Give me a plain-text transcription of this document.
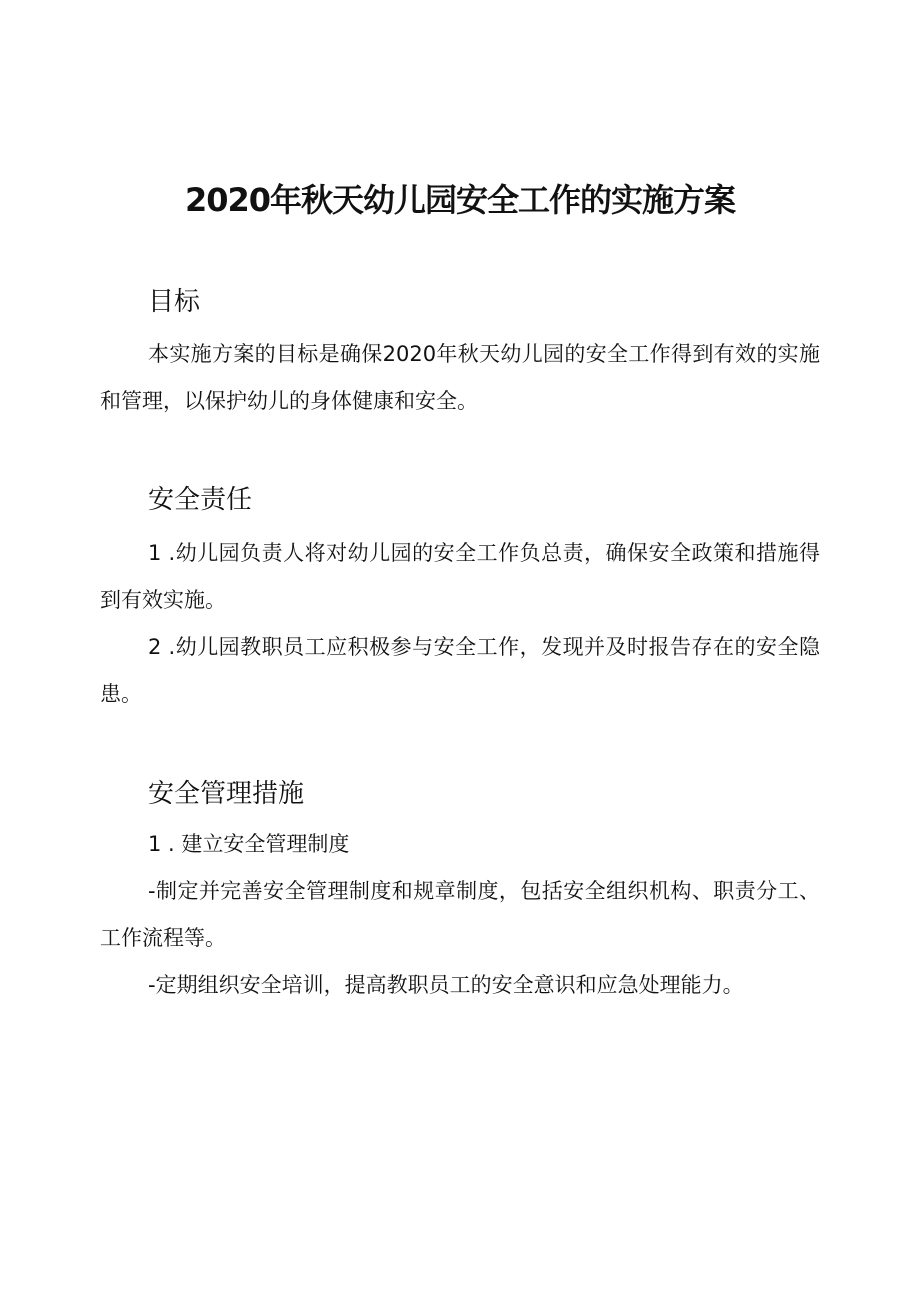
2020年秋天幼儿园安全工作的实施方案
目标

本实施方案的目标是确保2020年秋天幼儿园的安全工作得到有效的实施和管理，以保护幼儿的身体健康和安全。

安全责任

1 .幼儿园负责人将对幼儿园的安全工作负总责，确保安全政策和措施得到有效实施。

2 .幼儿园教职员工应积极参与安全工作，发现并及时报告存在的安全隐患。

安全管理措施

1 . 建立安全管理制度

-制定并完善安全管理制度和规章制度，包括安全组织机构、职责分工、工作流程等。

-定期组织安全培训，提高教职员工的安全意识和应急处理能力。
